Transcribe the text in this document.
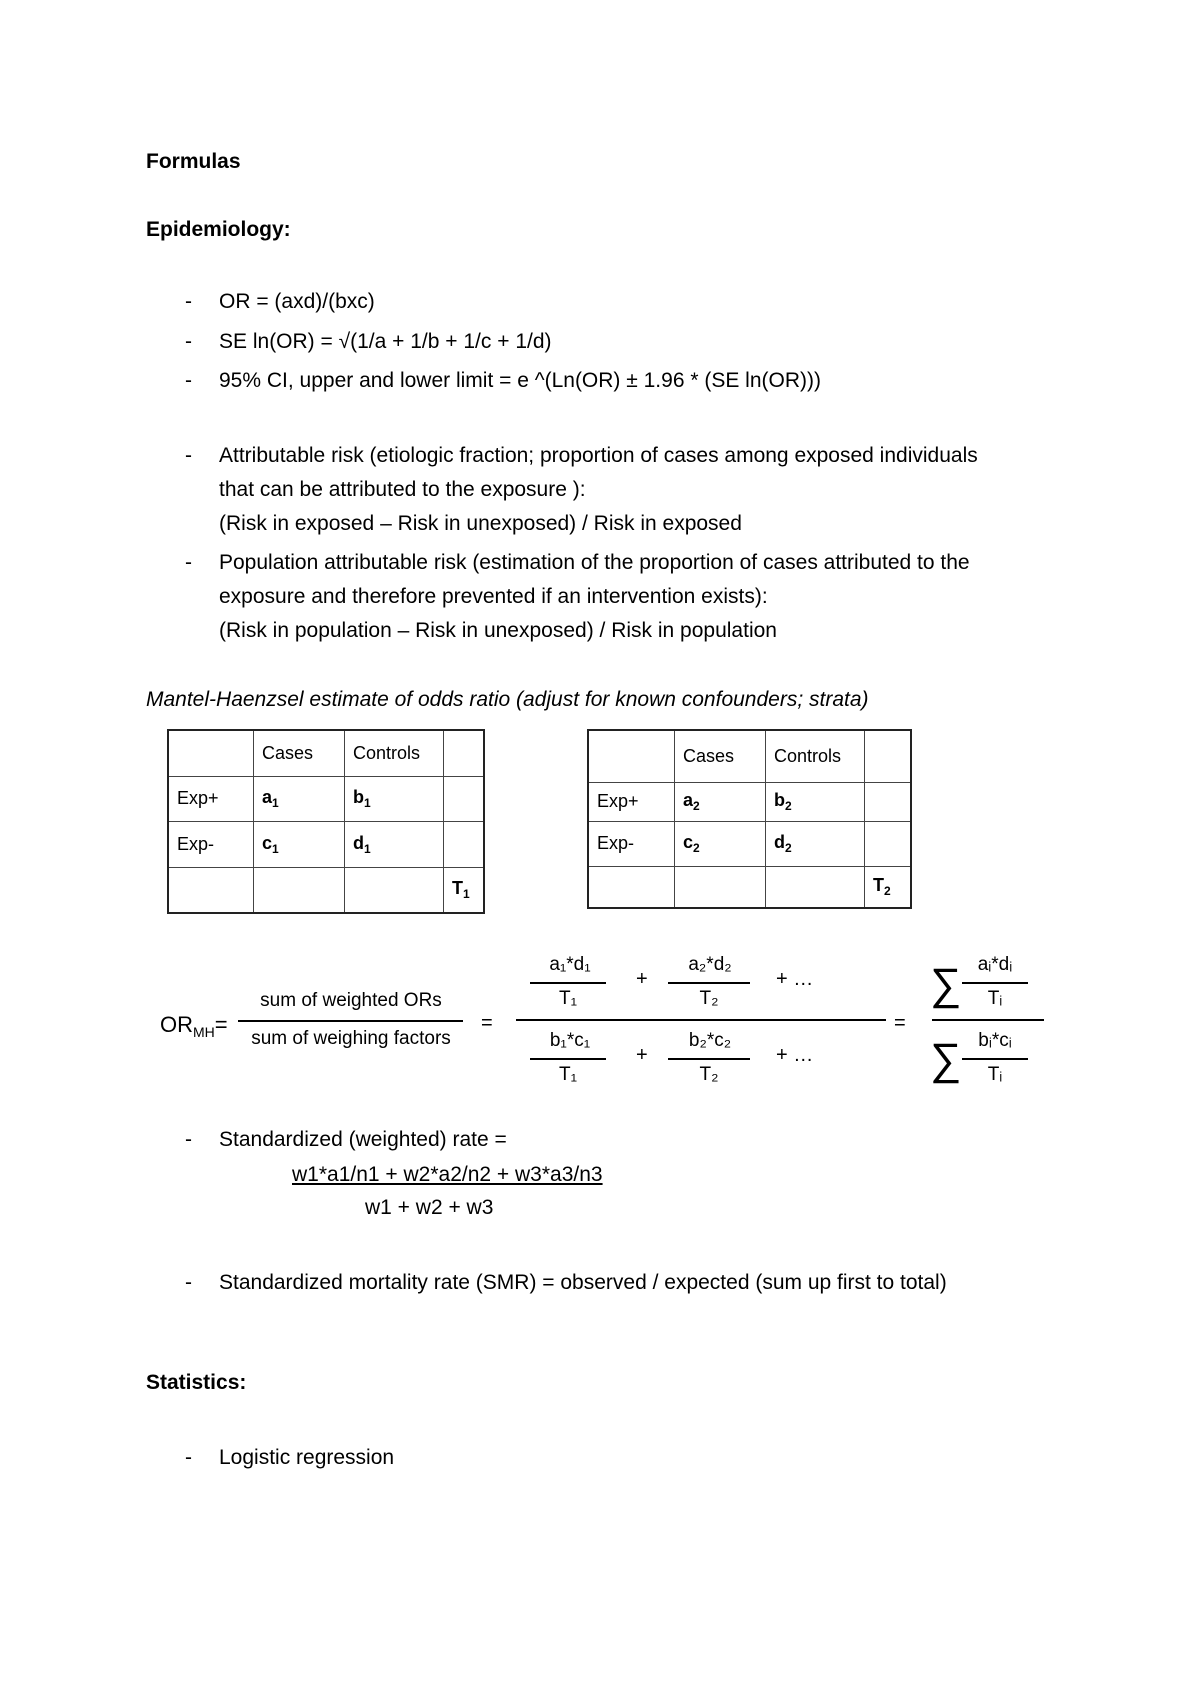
Formulas
Epidemiology:
- OR = (axd)/(bxc)
- SE ln(OR) = √(1/a + 1/b + 1/c + 1/d)
- 95% CI, upper and lower limit = e ^(Ln(OR) ± 1.96 * (SE ln(OR)))
- Attributable risk (etiologic fraction; proportion of cases among exposed individuals
that can be attributed to the exposure ):
(Risk in exposed – Risk in unexposed) / Risk in exposed
- Population attributable risk (estimation of the proportion of cases attributed to the
exposure and therefore prevented if an intervention exists):
(Risk in population – Risk in unexposed) / Risk in population
Mantel-Haenzsel estimate of odds ratio (adjust for known confounders; strata)
	Cases	Controls	
Exp+	$a_1$	$b_1$	
Exp-	$c_1$	$d_1$	
			$T_1$
	Cases	Controls	
Exp+	$a_2$	$b_2$	
Exp-	$c_2$	$d_2$	
			$T_2$
$OR_{MH}=$
sum of weighted ORs
sum of weighing factors
=
a₁*d₁
T₁
+
a₂*d₂
T₂
+ …
b₁*c₁
T₁
+
b₂*c₂
T₂
+ …
=
∑ aᵢ*dᵢ
Tᵢ
∑ bᵢ*cᵢ
Tᵢ
- Standardized (weighted) rate =
w1*a1/n1 + w2*a2/n2 + w3*a3/n3
w1 + w2 + w3
- Standardized mortality rate (SMR) = observed / expected (sum up first to total)
Statistics:
- Logistic regression
